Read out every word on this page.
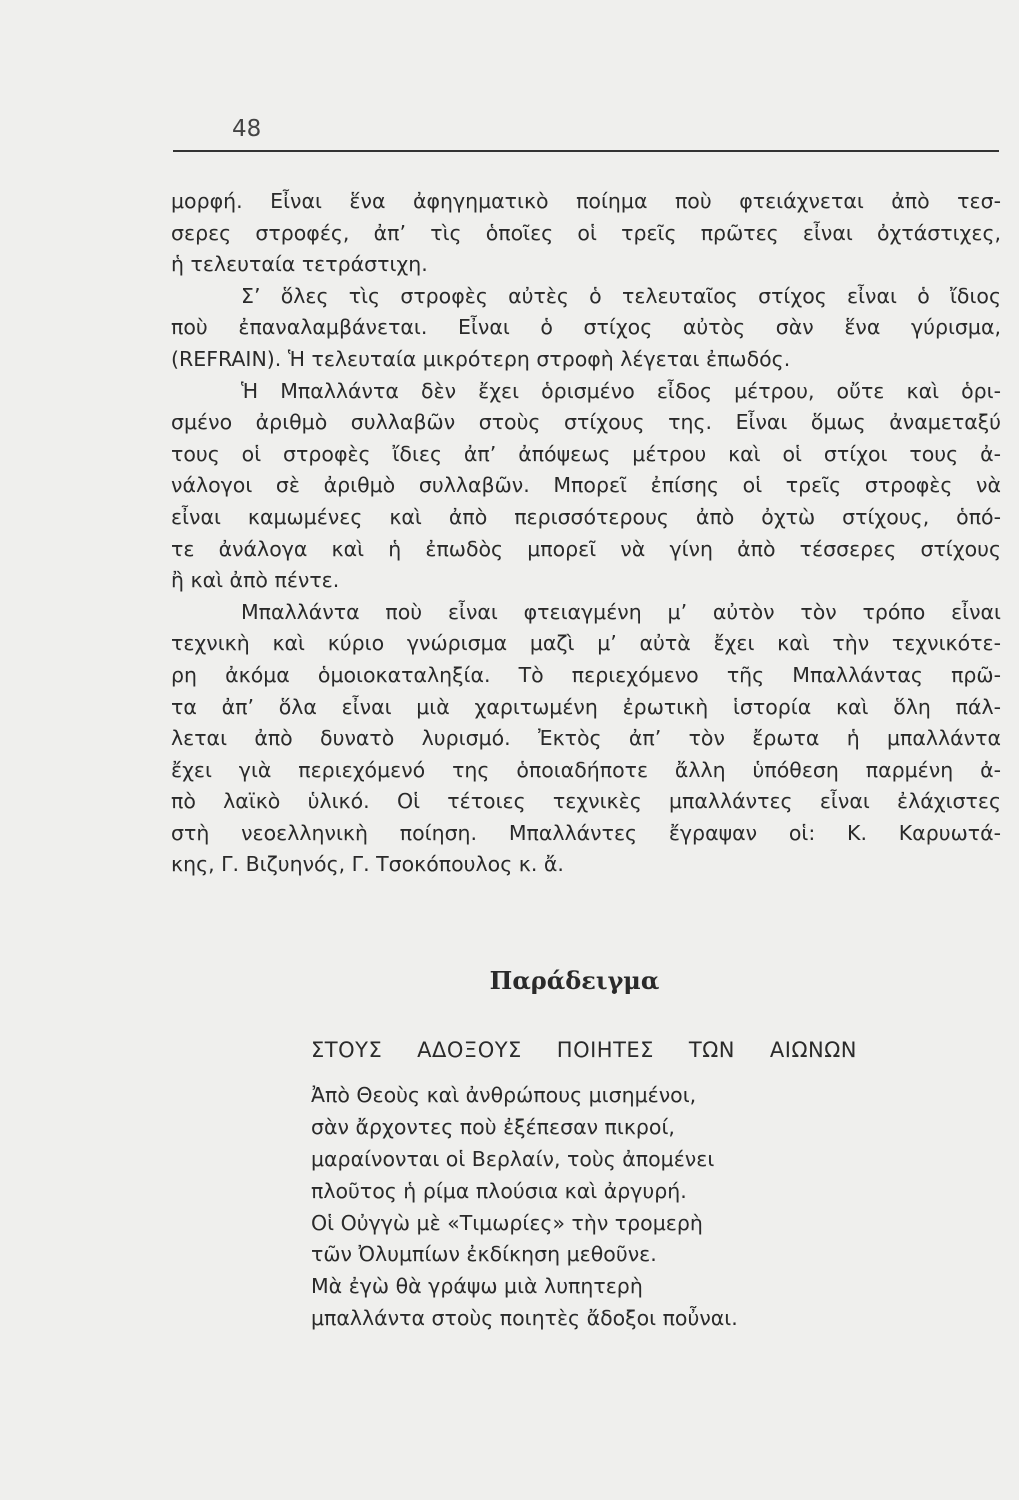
48
μορφή. Εἶναι ἕνα ἀφηγηματικὸ ποίημα ποὺ φτειάχνεται ἀπὸ τεσ-
σερες στροφές, ἀπ’ τὶς ὁποῖες οἱ τρεῖς πρῶτες εἶναι ὀχτάστιχες,
ἡ τελευταία τετράστιχη.
Σ’ ὅλες τὶς στροφὲς αὐτὲς ὁ τελευταῖος στίχος εἶναι ὁ ἴδιος
ποὺ ἐπαναλαμβάνεται. Εἶναι ὁ στίχος αὐτὸς σὰν ἕνα γύρισμα,
(REFRAIN). Ἡ τελευταία μικρότερη στροφὴ λέγεται ἐπωδός.
Ἡ Μπαλλάντα δὲν ἔχει ὁρισμένο εἶδος μέτρου, οὔτε καὶ ὁρι-
σμένο ἀριθμὸ συλλαβῶν στοὺς στίχους της. Εἶναι ὅμως ἀναμεταξύ
τους οἱ στροφὲς ἴδιες ἀπ’ ἀπόψεως μέτρου καὶ οἱ στίχοι τους ἀ-
νάλογοι σὲ ἀριθμὸ συλλαβῶν. Μπορεῖ ἐπίσης οἱ τρεῖς στροφὲς νὰ
εἶναι καμωμένες καὶ ἀπὸ περισσότερους ἀπὸ ὀχτὼ στίχους, ὁπό-
τε ἀνάλογα καὶ ἡ ἐπωδὸς μπορεῖ νὰ γίνη ἀπὸ τέσσερες στίχους
ἢ καὶ ἀπὸ πέντε.
Μπαλλάντα ποὺ εἶναι φτειαγμένη μ’ αὐτὸν τὸν τρόπο εἶναι
τεχνικὴ καὶ κύριο γνώρισμα μαζὶ μ’ αὐτὰ ἔχει καὶ τὴν τεχνικότε-
ρη ἀκόμα ὁμοιοκαταληξία. Τὸ περιεχόμενο τῆς Μπαλλάντας πρῶ-
τα ἀπ’ ὅλα εἶναι μιὰ χαριτωμένη ἐρωτικὴ ἱστορία καὶ ὅλη πάλ-
λεται ἀπὸ δυνατὸ λυρισμό. Ἐκτὸς ἀπ’ τὸν ἔρωτα ἡ μπαλλάντα
ἔχει γιὰ περιεχόμενό της ὁποιαδήποτε ἄλλη ὑπόθεση παρμένη ἀ-
πὸ λαϊκὸ ὑλικό. Οἱ τέτοιες τεχνικὲς μπαλλάντες εἶναι ἐλάχιστες
στὴ νεοελληνικὴ ποίηση. Μπαλλάντες ἔγραψαν οἱ: Κ. Καρυωτά-
κης, Γ. Βιζυηνός, Γ. Τσοκόπουλος κ. ἄ.
Παράδειγμα
ΣΤΟΥΣ ΑΔΟΞΟΥΣ ΠΟΙΗΤΕΣ ΤΩΝ ΑΙΩΝΩΝ
Ἀπὸ Θεοὺς καὶ ἀνθρώπους μισημένοι,
σὰν ἄρχοντες ποὺ ἐξέπεσαν πικροί,
μαραίνονται οἱ Βερλαίν, τοὺς ἀπομένει
πλοῦτος ἡ ρίμα πλούσια καὶ ἀργυρή.
Οἱ Οὐγγὼ μὲ «Τιμωρίες» τὴν τρομερὴ
τῶν Ὀλυμπίων ἐκδίκηση μεθοῦνε.
Μὰ ἐγὼ θὰ γράψω μιὰ λυπητερὴ
μπαλλάντα στοὺς ποιητὲς ἄδοξοι ποὖναι.
